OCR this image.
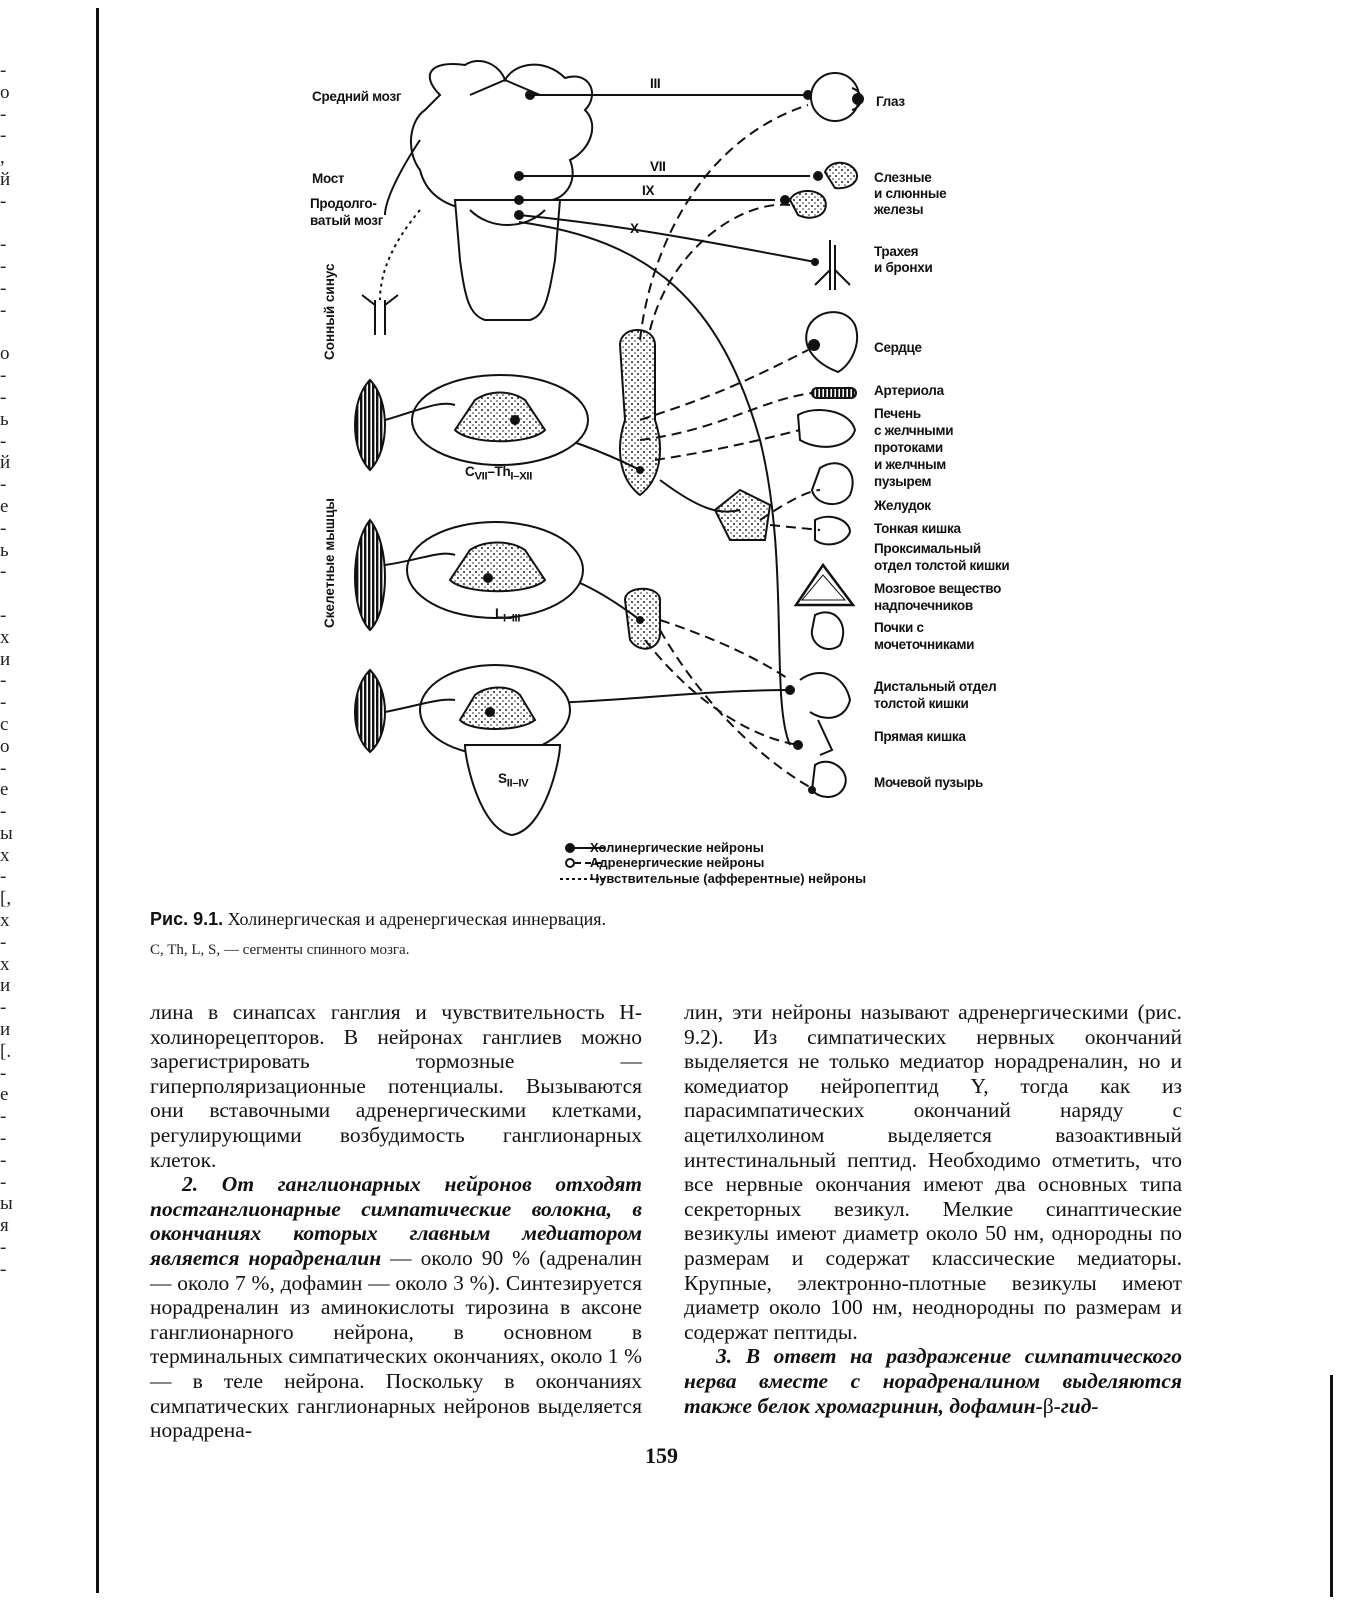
-
о
-
-
,
й
-
-
-
-
-
о
-
-
ь
-
й
-
е
-
ь
-
-
х
и
-
-
с
о
-
е
-
ы
х
-
[,
х
-
х
и
-
и
[.
-
е
-
-
-
-
ы
я
-
-
Средний мозг
Мост
Продолго-
ватый мозг
Сонный синус
Скелетные мышцы
III
VII
IX
X
$C_{VII}-Th_{I-XII}$
$L_{I-III}$
$S_{II-IV}$
Глаз
Слезные
и слюнные
железы
Трахея
и бронхи
Сердце
Артериола
Печень
с желчными
протоками
и желчным
пузырем
Желудок
Тонкая кишка
Проксимальный
отдел толстой кишки
Мозговое вещество
надпочечников
Почки с
мочеточниками
Дистальный отдел
толстой кишки
Прямая кишка
Мочевой пузырь
Холинергические нейроны
Адренергические нейроны
Чувствительные (афферентные) нейроны
Рис. 9.1. Холинергическая и адренергическая иннервация.
C, Th, L, S, — сегменты спинного мозга.

лина в синапсах ганглия и чувствительность Н-холинорецепторов. В нейронах ганглиев можно зарегистрировать тормозные — гиперполяризационные потенциалы. Вызываются они вставочными адренергическими клетками, регулирующими возбудимость ганглионарных клеток.

2. От ганглионарных нейронов отходят постганглионарные симпатические волокна, в окончаниях которых главным медиатором является норадреналин — около 90 % (адреналин — около 7 %, дофамин — около 3 %). Синтезируется норадреналин из аминокислоты тирозина в аксоне ганглионарного нейрона, в основном в терминальных симпатических окончаниях, около 1 % — в теле нейрона. Поскольку в окончаниях симпатических ганглионарных нейронов выделяется норадрена-

лин, эти нейроны называют адренергическими (рис. 9.2). Из симпатических нервных окончаний выделяется не только медиатор норадреналин, но и комедиатор нейропептид Y, тогда как из парасимпатических окончаний наряду с ацетилхолином выделяется вазоактивный интестинальный пептид. Необходимо отметить, что все нервные окончания имеют два основных типа секреторных везикул. Мелкие синаптические везикулы имеют диаметр около 50 нм, однородны по размерам и содержат классические медиаторы. Крупные, электронно-плотные везикулы имеют диаметр около 100 нм, неоднородны по размерам и содержат пептиды.

3. В ответ на раздражение симпатического нерва вместе с норадреналином выделяются также белок хромагринин, дофамин-β-гид-

159
